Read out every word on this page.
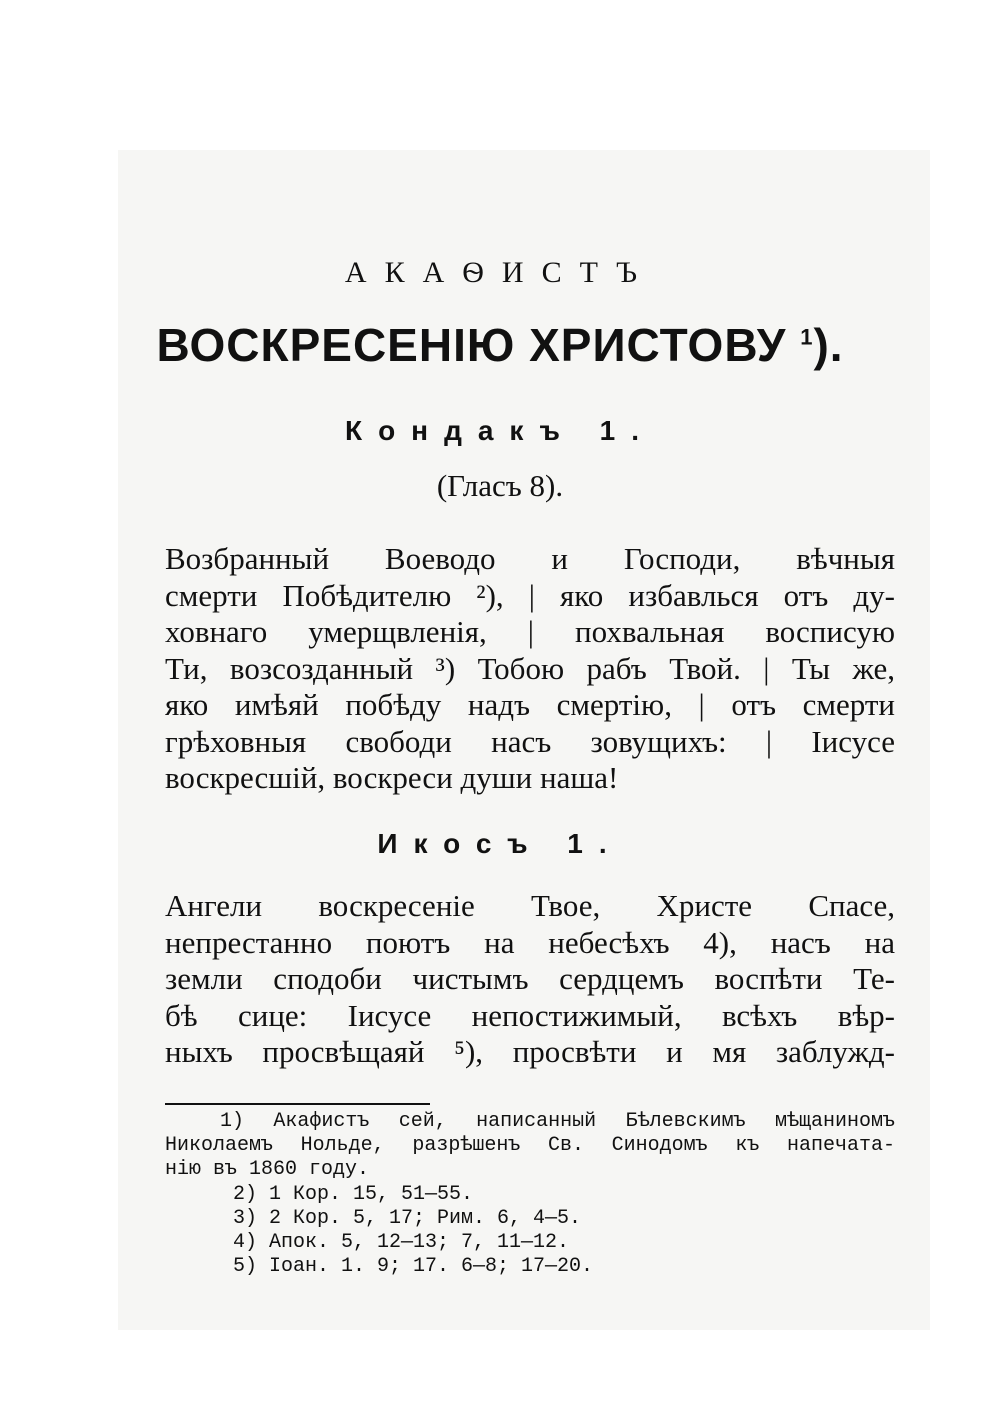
АКАѲИСТЪ
ВОСКРЕСЕНІЮ ХРИСТОВУ $^1$).
Кондакъ 1.
(Гласъ 8).
Возбранный Воеводо и Господи, вѣчныя
смерти Побѣдителю ²), | яко избавлься отъ ду-
ховнаго умерщвленія, | похвальная восписую
Ти, возсозданный ³) Тобою рабъ Твой. | Ты же,
яко имѣяй побѣду надъ смертію, | отъ смерти
грѣховныя свободи насъ зовущихъ: | Іисусе
воскресшій, воскреси души наша!
Икосъ 1.
Ангели воскресеніе Твое, Христе Спасе,
непрестанно поютъ на небесѣхъ 4), насъ на
земли сподоби чистымъ сердцемъ воспѣти Те-
бѣ сице: Іисусе непостижимый, всѣхъ вѣр-
ныхъ просвѣщаяй ⁵), просвѣти и мя заблужд-
1) Акафистъ сей, написанный Бѣлевскимъ мѣщаниномъ
Николаемъ Нольде, разрѣшенъ Св. Синодомъ къ напечата-
нію въ 1860 году.
2) 1 Кор. 15, 51—55.
3) 2 Кор. 5, 17; Рим. 6, 4—5.
4) Апок. 5, 12—13; 7, 11—12.
5) Іоан. 1. 9; 17. 6—8; 17—20.
